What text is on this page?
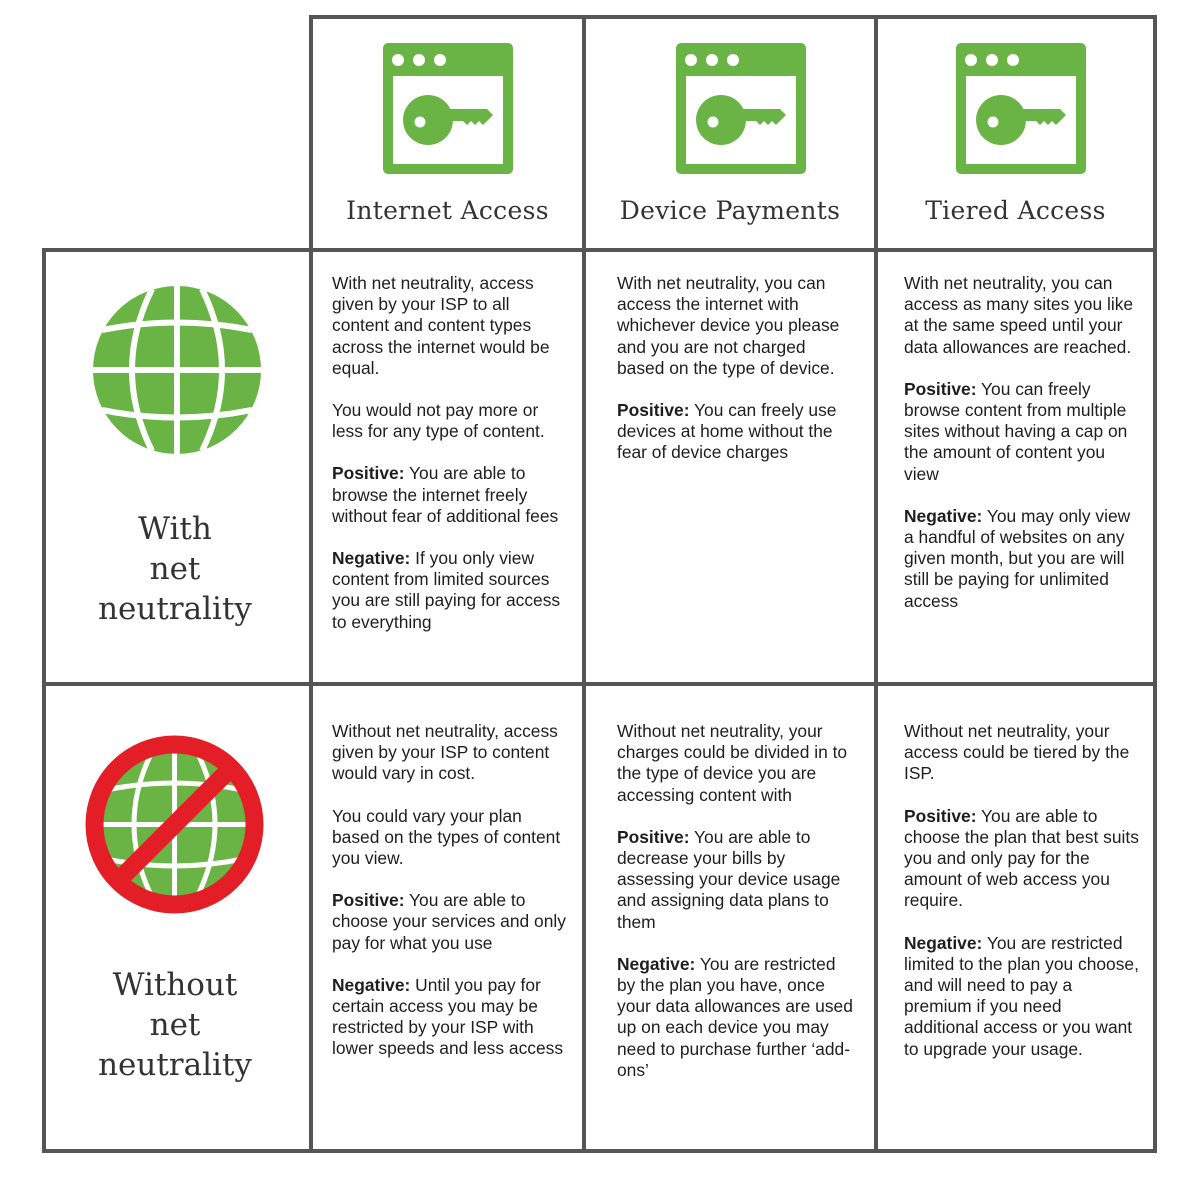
Internet Access	Device Payments	Tiered Access
With
net
neutrality
Without
net
neutrality

With net neutrality, access given by your ISP to all content and content types across the internet would be equal.

You would not pay more or less for any type of content.

Positive: You are able to browse the internet freely without fear of additional fees

Negative: If you only view content from limited sources you are still paying for access to everything

With net neutrality, you can access the internet with whichever device you please and you are not charged based on the type of device.

Positive: You can freely use devices at home without the fear of device charges

With net neutrality, you can access as many sites you like at the same speed until your data allowances are reached.

Positive: You can freely browse content from multiple sites without having a cap on the amount of content you view

Negative: You may only view a handful of websites on any given month, but you are will still be paying for unlimited access

Without net neutrality, access given by your ISP to content would vary in cost.

You could vary your plan based on the types of content you view.

Positive: You are able to choose your services and only pay for what you use

Negative: Until you pay for certain access you may be restricted by your ISP with lower speeds and less access

Without net neutrality, your charges could be divided in to the type of device you are accessing content with

Positive: You are able to decrease your bills by assessing your device usage and assigning data plans to them

Negative: You are restricted by the plan you have, once your data allowances are used up on each device you may need to purchase further ‘add-ons’

Without net neutrality, your access could be tiered by the ISP.

Positive: You are able to choose the plan that best suits you and only pay for the amount of web access you require.

Negative: You are restricted limited to the plan you choose, and will need to pay a premium if you need additional access or you want to upgrade your usage.
